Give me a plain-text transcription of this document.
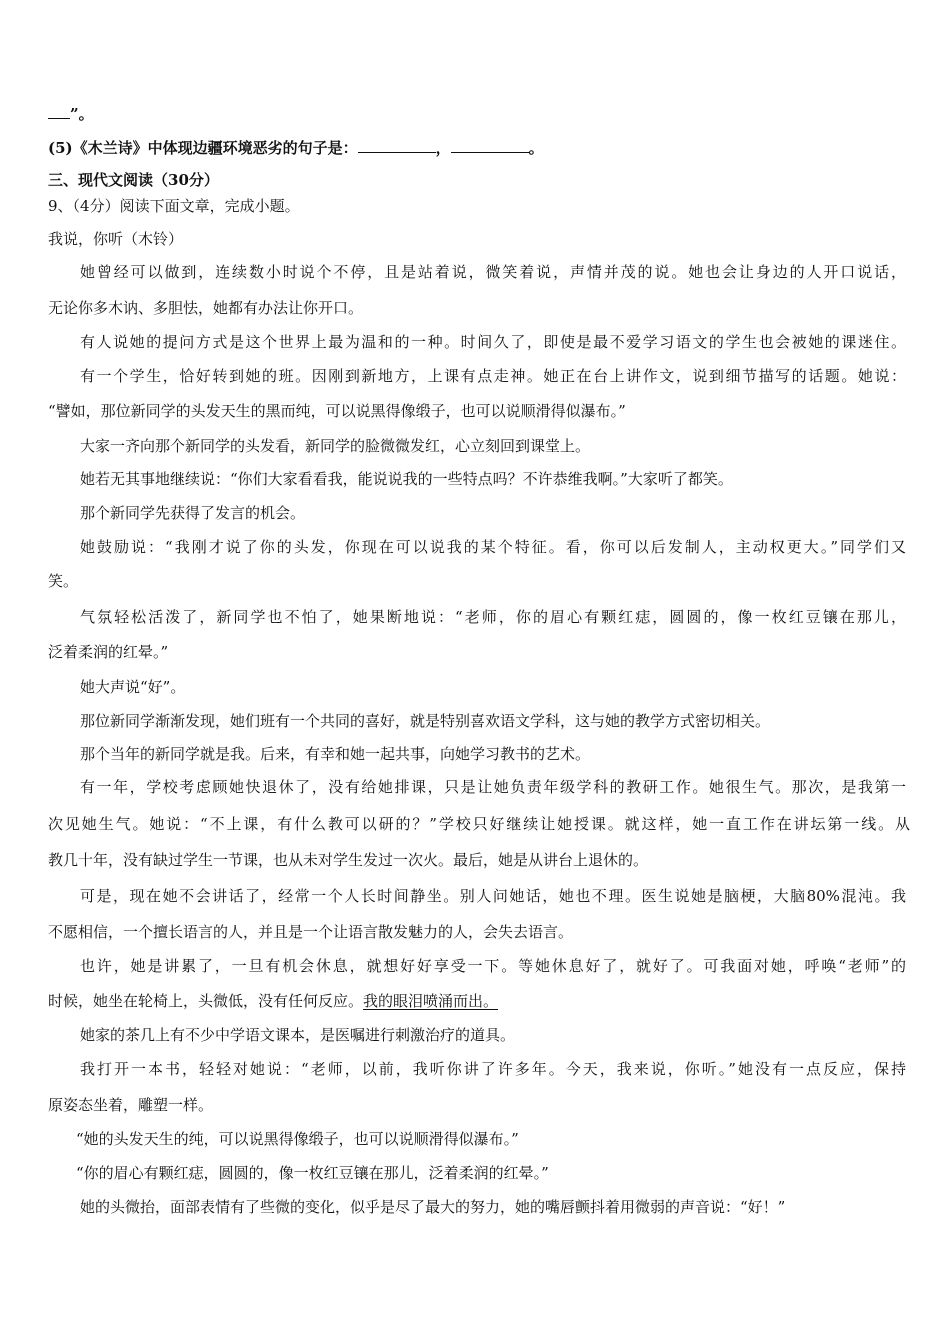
”。
(5)《木兰诗》中体现边疆环境恶劣的句子是：	，	。
三、现代文阅读（30分）
9、（4分）阅读下面文章，完成小题。
我说，你听（木铃）
她曾经可以做到，连续数小时说个不停，且是站着说，微笑着说，声情并茂的说。她也会让身边的人开口说话，
无论你多木讷、多胆怯，她都有办法让你开口。
有人说她的提问方式是这个世界上最为温和的一种。时间久了，即使是最不爱学习语文的学生也会被她的课迷住。
有一个学生，恰好转到她的班。因刚到新地方，上课有点走神。她正在台上讲作文，说到细节描写的话题。她说：
“譬如，那位新同学的头发天生的黑而纯，可以说黑得像缎子，也可以说顺滑得似瀑布。”
大家一齐向那个新同学的头发看，新同学的脸微微发红，心立刻回到课堂上。
她若无其事地继续说：“你们大家看看我，能说说我的一些特点吗？不许恭维我啊。”大家听了都笑。
那个新同学先获得了发言的机会。
她鼓励说：“我刚才说了你的头发，你现在可以说我的某个特征。看，你可以后发制人，主动权更大。”同学们又
笑。
气氛轻松活泼了，新同学也不怕了，她果断地说：“老师，你的眉心有颗红痣，圆圆的，像一枚红豆镶在那儿，
泛着柔润的红晕。”
她大声说“好”。
那位新同学渐渐发现，她们班有一个共同的喜好，就是特别喜欢语文学科，这与她的教学方式密切相关。
那个当年的新同学就是我。后来，有幸和她一起共事，向她学习教书的艺术。
有一年，学校考虑顾她快退休了，没有给她排课，只是让她负责年级学科的教研工作。她很生气。那次，是我第一
次见她生气。她说：“不上课，有什么教可以研的？”学校只好继续让她授课。就这样，她一直工作在讲坛第一线。从
教几十年，没有缺过学生一节课，也从未对学生发过一次火。最后，她是从讲台上退休的。
可是，现在她不会讲话了，经常一个人长时间静坐。别人问她话，她也不理。医生说她是脑梗，大脑80%混沌。我
不愿相信，一个擅长语言的人，并且是一个让语言散发魅力的人，会失去语言。
也许，她是讲累了，一旦有机会休息，就想好好享受一下。等她休息好了，就好了。可我面对她，呼唤“老师”的
时候，她坐在轮椅上，头微低，没有任何反应。我的眼泪喷涌而出。
她家的茶几上有不少中学语文课本，是医嘱进行刺激治疗的道具。
我打开一本书，轻轻对她说：“老师，以前，我听你讲了许多年。今天，我来说，你听。”她没有一点反应，保持
原姿态坐着，雕塑一样。
“她的头发天生的纯，可以说黑得像缎子，也可以说顺滑得似瀑布。”
“你的眉心有颗红痣，圆圆的，像一枚红豆镶在那儿，泛着柔润的红晕。”
她的头微抬，面部表情有了些微的变化，似乎是尽了最大的努力，她的嘴唇颤抖着用微弱的声音说：“好！”
